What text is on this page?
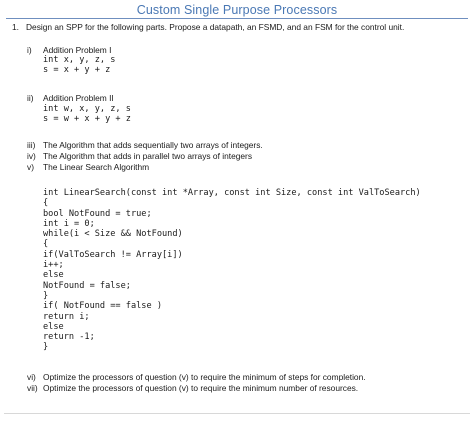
Custom Single Purpose Processors
1. Design an SPP for the following parts. Propose a datapath, an FSMD, and an FSM for the control unit.
i) Addition Problem I
int x, y, z, s
s = x + y + z
ii) Addition Problem II
int w, x, y, z, s
s = w + x + y + z
iii) The Algorithm that adds sequentially two arrays of integers.
iv) The Algorithm that adds in parallel two arrays of integers
v) The Linear Search Algorithm
int LinearSearch(const int *Array, const int Size, const int ValToSearch)
{
bool NotFound = true;
int i = 0;
while(i < Size && NotFound)
{
if(ValToSearch != Array[i])
i++;
else
NotFound = false;
}
if( NotFound == false )
return i;
else
return -1;
}
vi) Optimize the processors of question (v) to require the minimum of steps for completion.
vii) Optimize the processors of question (v) to require the minimum number of resources.
